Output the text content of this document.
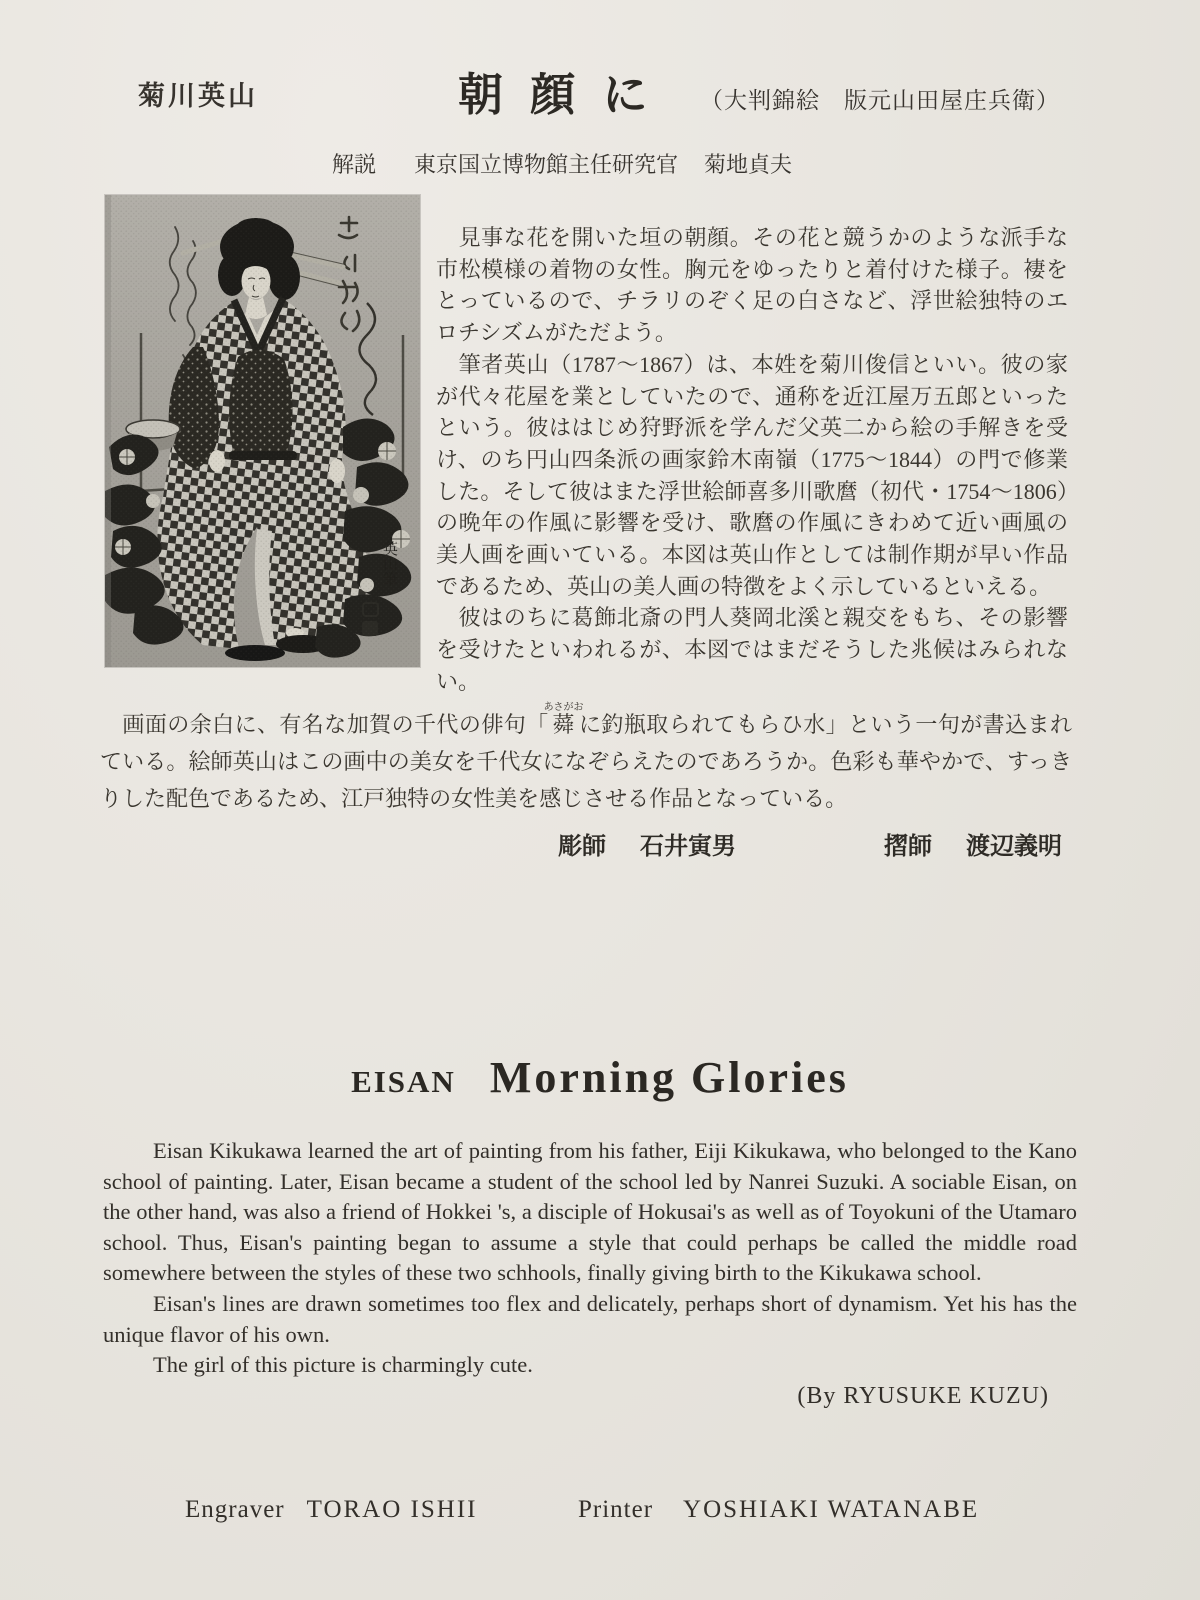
菊川英山	朝 顔 に （大判錦絵　版元山田屋庄兵衛）
解説 東京国立博物館主任研究官 菊地貞夫
英山筆

　見事な花を開いた垣の朝顔。その花と競うかのような派手な市松模様の着物の女性。胸元をゆったりと着付けた様子。褄をとっているので、チラリのぞく足の白さなど、浮世絵独特のエロチシズムがただよう。

　筆者英山（1787〜1867）は、本姓を菊川俊信といい。彼の家が代々花屋を業としていたので、通称を近江屋万五郎といったという。彼ははじめ狩野派を学んだ父英二から絵の手解きを受け、のち円山四条派の画家鈴木南嶺（1775〜1844）の門で修業した。そして彼はまた浮世絵師喜多川歌麿（初代・1754〜1806）の晩年の作風に影響を受け、歌麿の作風にきわめて近い画風の美人画を画いている。本図は英山作としては制作期が早い作品であるため、英山の美人画の特徴をよく示しているといえる。

　彼はのちに葛飾北斎の門人葵岡北溪と親交をもち、その影響を受けたといわれるが、本図ではまだそうした兆候はみられない。

　画面の余白に、有名な加賀の千代の俳句「蕣あさがおに釣瓶取られてもらひ水」という一句が書込まれている。絵師英山はこの画中の美女を千代女になぞらえたのであろうか。色彩も華やかで、すっきりした配色であるため、江戸独特の女性美を感じさせる作品となっている。

彫師 石井寅男	摺師 渡辺義明
EISAN Morning Glories

Eisan Kikukawa learned the art of painting from his father, Eiji Kikukawa, who belonged to the Kano school of painting. Later, Eisan became a student of the school led by Nanrei Suzuki. A sociable Eisan, on the other hand, was also a friend of Hokkei 's, a disciple of Hokusai's as well as of Toyokuni of the Utamaro school. Thus, Eisan's painting began to assume a style that could perhaps be called the middle road somewhere between the styles of these two schhools, finally giving birth to the Kikukawa school.

Eisan's lines are drawn sometimes too flex and delicately, perhaps short of dynamism. Yet his has the unique flavor of his own.

The girl of this picture is charmingly cute.

(By RYUSUKE KUZU)

Engraver TORAO ISHII	Printer YOSHIAKI WATANABE
